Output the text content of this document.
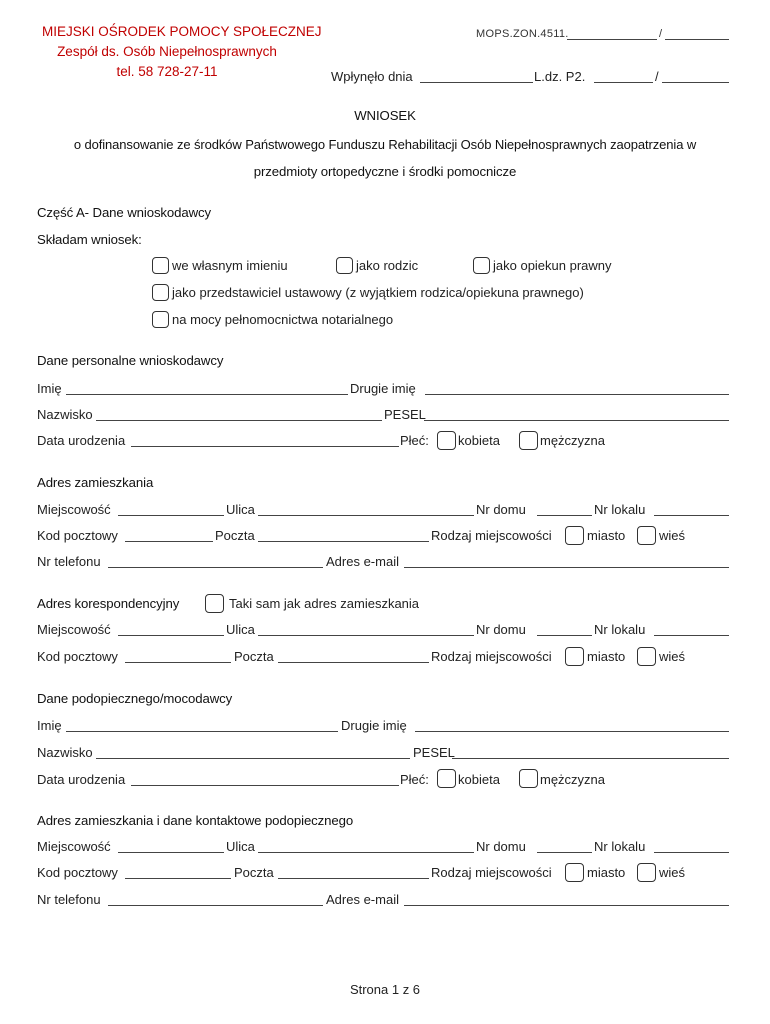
MIEJSKI OŚRODEK POMOCY SPOŁECZNEJ
Zespół ds. Osób Niepełnosprawnych
tel. 58 728-27-11
MOPS.ZON.4511.	/
Wpłynęło dnia	L.dz. P2.	/
WNIOSEK
o dofinansowanie ze środków Państwowego Funduszu Rehabilitacji Osób Niepełnosprawnych zaopatrzenia w
przedmioty ortopedyczne i środki pomocnicze
Część A- Dane wnioskodawcy
Składam wniosek:
we własnym imieniu	jako rodzic	jako opiekun prawny
jako przedstawiciel ustawowy (z wyjątkiem rodzica/opiekuna prawnego)
na mocy pełnomocnictwa notarialnego
Dane personalne wnioskodawcy
Imię	Drugie imię
Nazwisko	PESEL
Data urodzenia	Płeć: kobieta	mężczyzna
Adres zamieszkania
Miejscowość	Ulica	Nr domu	Nr lokalu
Kod pocztowy	Poczta	Rodzaj miejscowości	miasto	wieś
Nr telefonu	Adres e-mail
Adres korespondencyjny	Taki sam jak adres zamieszkania
Miejscowość	Ulica	Nr domu	Nr lokalu
Kod pocztowy	Poczta	Rodzaj miejscowości	miasto	wieś
Dane podopiecznego/mocodawcy
Imię	Drugie imię
Nazwisko	PESEL
Data urodzenia	Płeć: kobieta	mężczyzna
Adres zamieszkania i dane kontaktowe podopiecznego
Miejscowość	Ulica	Nr domu	Nr lokalu
Kod pocztowy	Poczta	Rodzaj miejscowości	miasto	wieś
Nr telefonu	Adres e-mail
Strona 1 z 6
